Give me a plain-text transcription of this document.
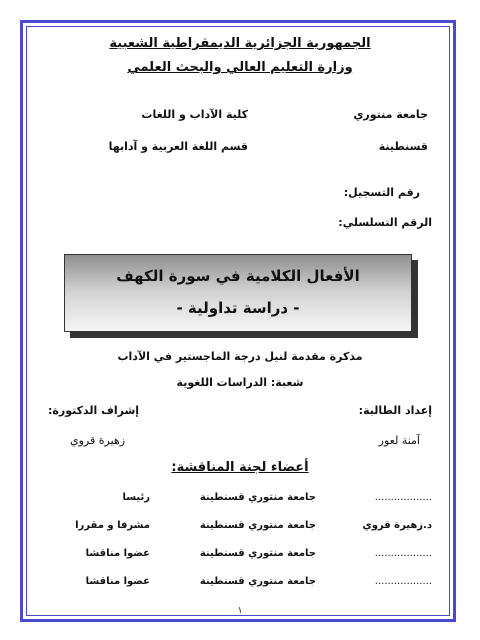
الجمهورية الجزائرية الديمقراطية الشعبية
وزارة التعليم العالي والبحث العلمي
جامعة منتوري
كلية الآداب و اللغات
قسنطينة
قسم اللغة العربية و آدابها
رقم التسجيل:
الرقم التسلسلي:
الأفعال الكلامية في سورة الكهف
- دراسة تداولية -
مذكرة مقدمة لنيل درجة الماجستير في الآداب
شعبة: الدراسات اللغوية
إعداد الطالبة:
آمنة لعور
إشراف الدكتورة:
زهيرة قروي
أعضاء لجنة المناقشة:
..................
جامعة منتوري قسنطينة
رئيسا
د.زهيرة قروي
جامعة منتوري قسنطينة
مشرفا و مقررا
..................
جامعة منتوري قسنطينة
عضوا مناقشا
..................
جامعة منتوري قسنطينة
عضوا مناقشا
١
